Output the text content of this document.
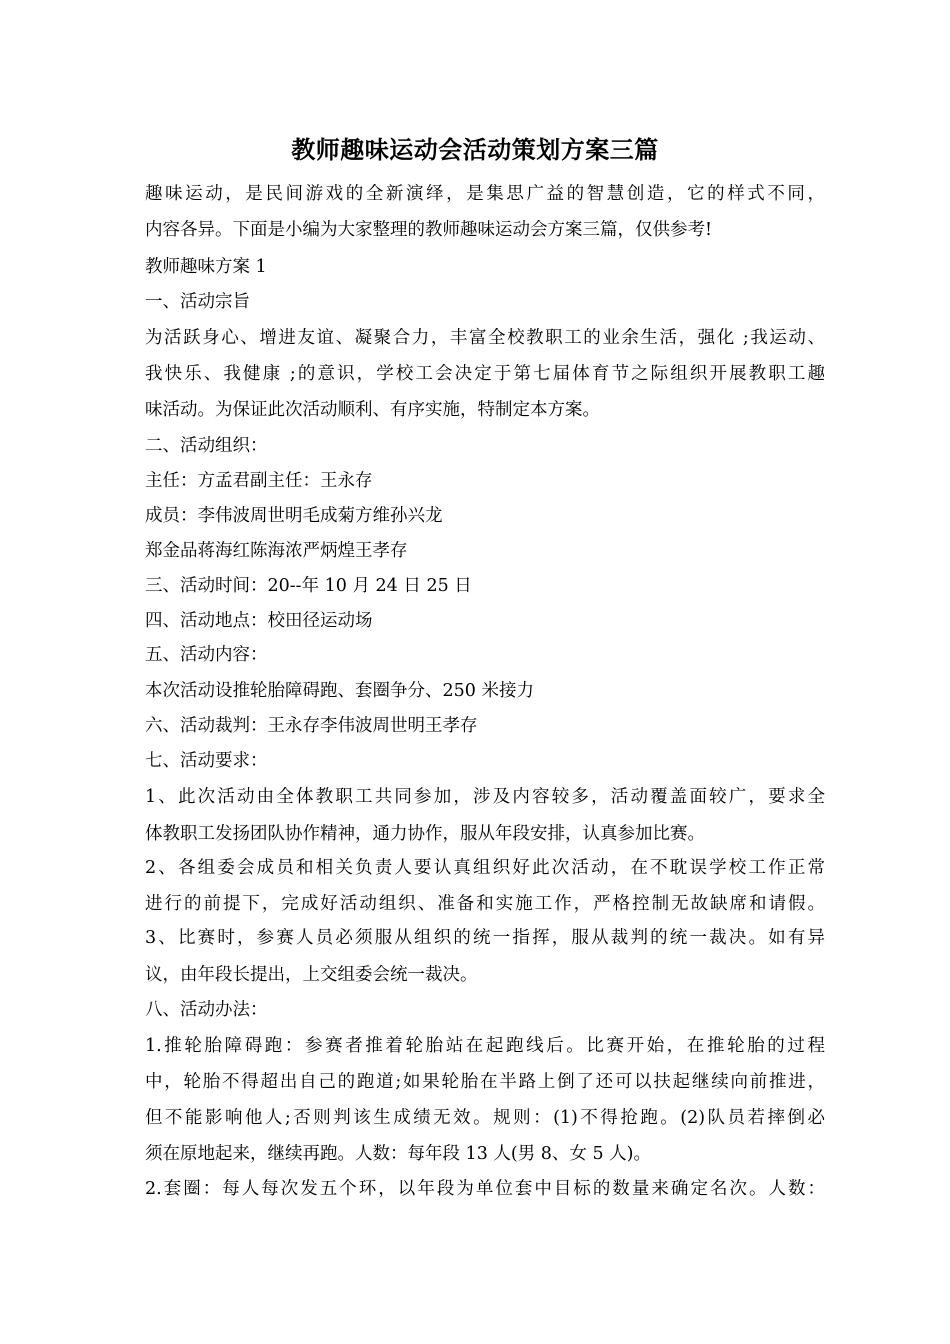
教师趣味运动会活动策划方案三篇

趣味运动，是民间游戏的全新演绎，是集思广益的智慧创造，它的样式不同，

内容各异。下面是小编为大家整理的教师趣味运动会方案三篇，仅供参考!

教师趣味方案 1

一、活动宗旨

为活跃身心、增进友谊、凝聚合力，丰富全校教职工的业余生活，强化 ;我运动、

我快乐、我健康 ;的意识，学校工会决定于第七届体育节之际组织开展教职工趣

味活动。为保证此次活动顺利、有序实施，特制定本方案。

二、活动组织：

主任：方孟君副主任：王永存

成员：李伟波周世明毛成菊方维孙兴龙

郑金品蒋海红陈海浓严炳煌王孝存

三、活动时间：20--年 10 月 24 日 25 日

四、活动地点：校田径运动场

五、活动内容：

本次活动设推轮胎障碍跑、套圈争分、250 米接力

六、活动裁判：王永存李伟波周世明王孝存

七、活动要求：

1、此次活动由全体教职工共同参加，涉及内容较多，活动覆盖面较广，要求全

体教职工发扬团队协作精神，通力协作，服从年段安排，认真参加比赛。

2、各组委会成员和相关负责人要认真组织好此次活动，在不耽误学校工作正常

进行的前提下，完成好活动组织、准备和实施工作，严格控制无故缺席和请假。

3、比赛时，参赛人员必须服从组织的统一指挥，服从裁判的统一裁决。如有异

议，由年段长提出，上交组委会统一裁决。

八、活动办法：

1.推轮胎障碍跑：参赛者推着轮胎站在起跑线后。比赛开始，在推轮胎的过程

中，轮胎不得超出自己的跑道;如果轮胎在半路上倒了还可以扶起继续向前推进，

但不能影响他人;否则判该生成绩无效。规则：(1)不得抢跑。(2)队员若摔倒必

须在原地起来，继续再跑。人数：每年段 13 人(男 8、女 5 人)。

2.套圈：每人每次发五个环，以年段为单位套中目标的数量来确定名次。人数：
